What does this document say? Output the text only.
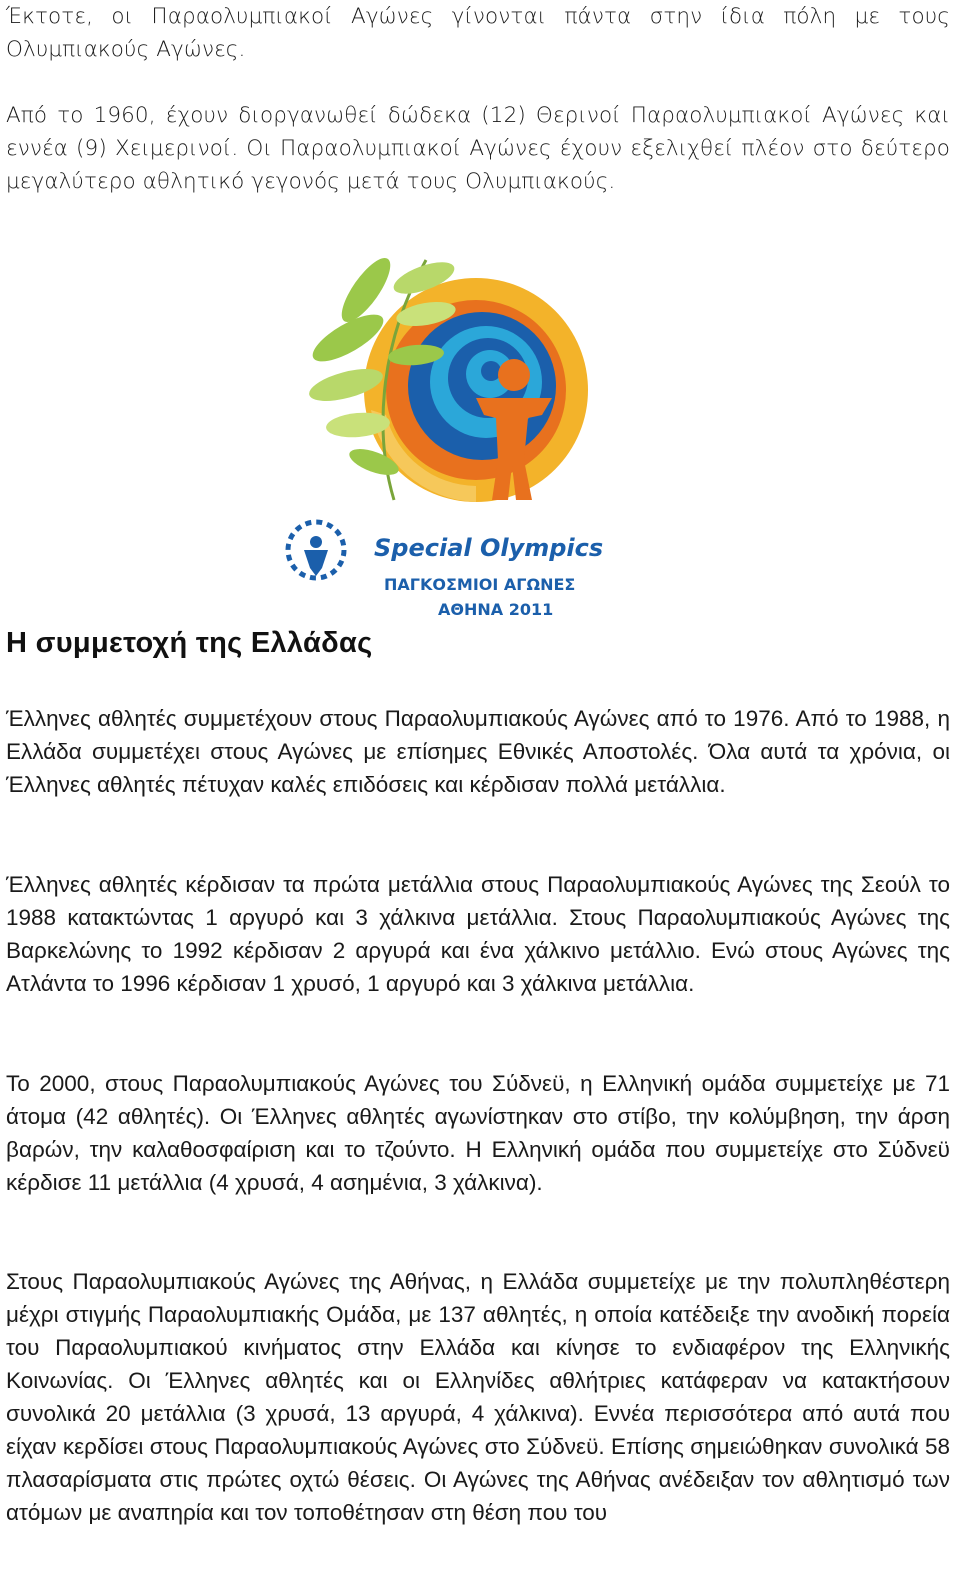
Έκτοτε, οι Παραολυμπιακοί Αγώνες γίνονται πάντα στην ίδια πόλη με τους Ολυμπιακούς Αγώνες.

Από το 1960, έχουν διοργανωθεί δώδεκα (12) Θερινοί Παραολυμπιακοί Αγώνες και εννέα (9) Χειμερινοί. Οι Παραολυμπιακοί Αγώνες έχουν εξελιχθεί πλέον στο δεύτερο μεγαλύτερο αθλητικό γεγονός μετά τους Ολυμπιακούς.

Special Olympics
ΠΑΓΚΟΣΜΙΟΙ ΑΓΩΝΕΣ
ΑΘΗΝΑ 2011
Η συμμετοχή της Ελλάδας

Έλληνες αθλητές συμμετέχουν στους Παραολυμπιακούς Αγώνες από το 1976. Από το 1988, η Ελλάδα συμμετέχει στους Αγώνες με επίσημες Εθνικές Αποστολές. Όλα αυτά τα χρόνια, οι Έλληνες αθλητές πέτυχαν καλές επιδόσεις και κέρδισαν πολλά μετάλλια.

Έλληνες αθλητές κέρδισαν τα πρώτα μετάλλια στους Παραολυμπιακούς Αγώνες της Σεούλ το 1988 κατακτώντας 1 αργυρό και 3 χάλκινα μετάλλια. Στους Παραολυμπιακούς Αγώνες της Βαρκελώνης το 1992 κέρδισαν 2 αργυρά και ένα χάλκινο μετάλλιο. Ενώ στους Αγώνες της Ατλάντα το 1996 κέρδισαν 1 χρυσό, 1 αργυρό και 3 χάλκινα μετάλλια.

Το 2000, στους Παραολυμπιακούς Αγώνες του Σύδνεϋ, η Ελληνική ομάδα συμμετείχε με 71 άτομα (42 αθλητές). Οι Έλληνες αθλητές αγωνίστηκαν στο στίβο, την κολύμβηση, την άρση βαρών, την καλαθοσφαίριση και το τζούντο. Η Ελληνική ομάδα που συμμετείχε στο Σύδνεϋ κέρδισε 11 μετάλλια (4 χρυσά, 4 ασημένια, 3 χάλκινα).

Στους Παραολυμπιακούς Αγώνες της Αθήνας, η Ελλάδα συμμετείχε με την πολυπληθέστερη μέχρι στιγμής Παραολυμπιακής Ομάδα, με 137 αθλητές, η οποία κατέδειξε την ανοδική πορεία του Παραολυμπιακού κινήματος στην Ελλάδα και κίνησε το ενδιαφέρον της Ελληνικής Κοινωνίας. Οι Έλληνες αθλητές και οι Ελληνίδες αθλήτριες κατάφεραν να κατακτήσουν συνολικά 20 μετάλλια (3 χρυσά, 13 αργυρά, 4 χάλκινα). Εννέα περισσότερα από αυτά που είχαν κερδίσει στους Παραολυμπιακούς Αγώνες στο Σύδνεϋ. Επίσης σημειώθηκαν συνολικά 58 πλασαρίσματα στις πρώτες οχτώ θέσεις. Οι Αγώνες της Αθήνας ανέδειξαν τον αθλητισμό των ατόμων με αναπηρία και τον τοποθέτησαν στη θέση που του
